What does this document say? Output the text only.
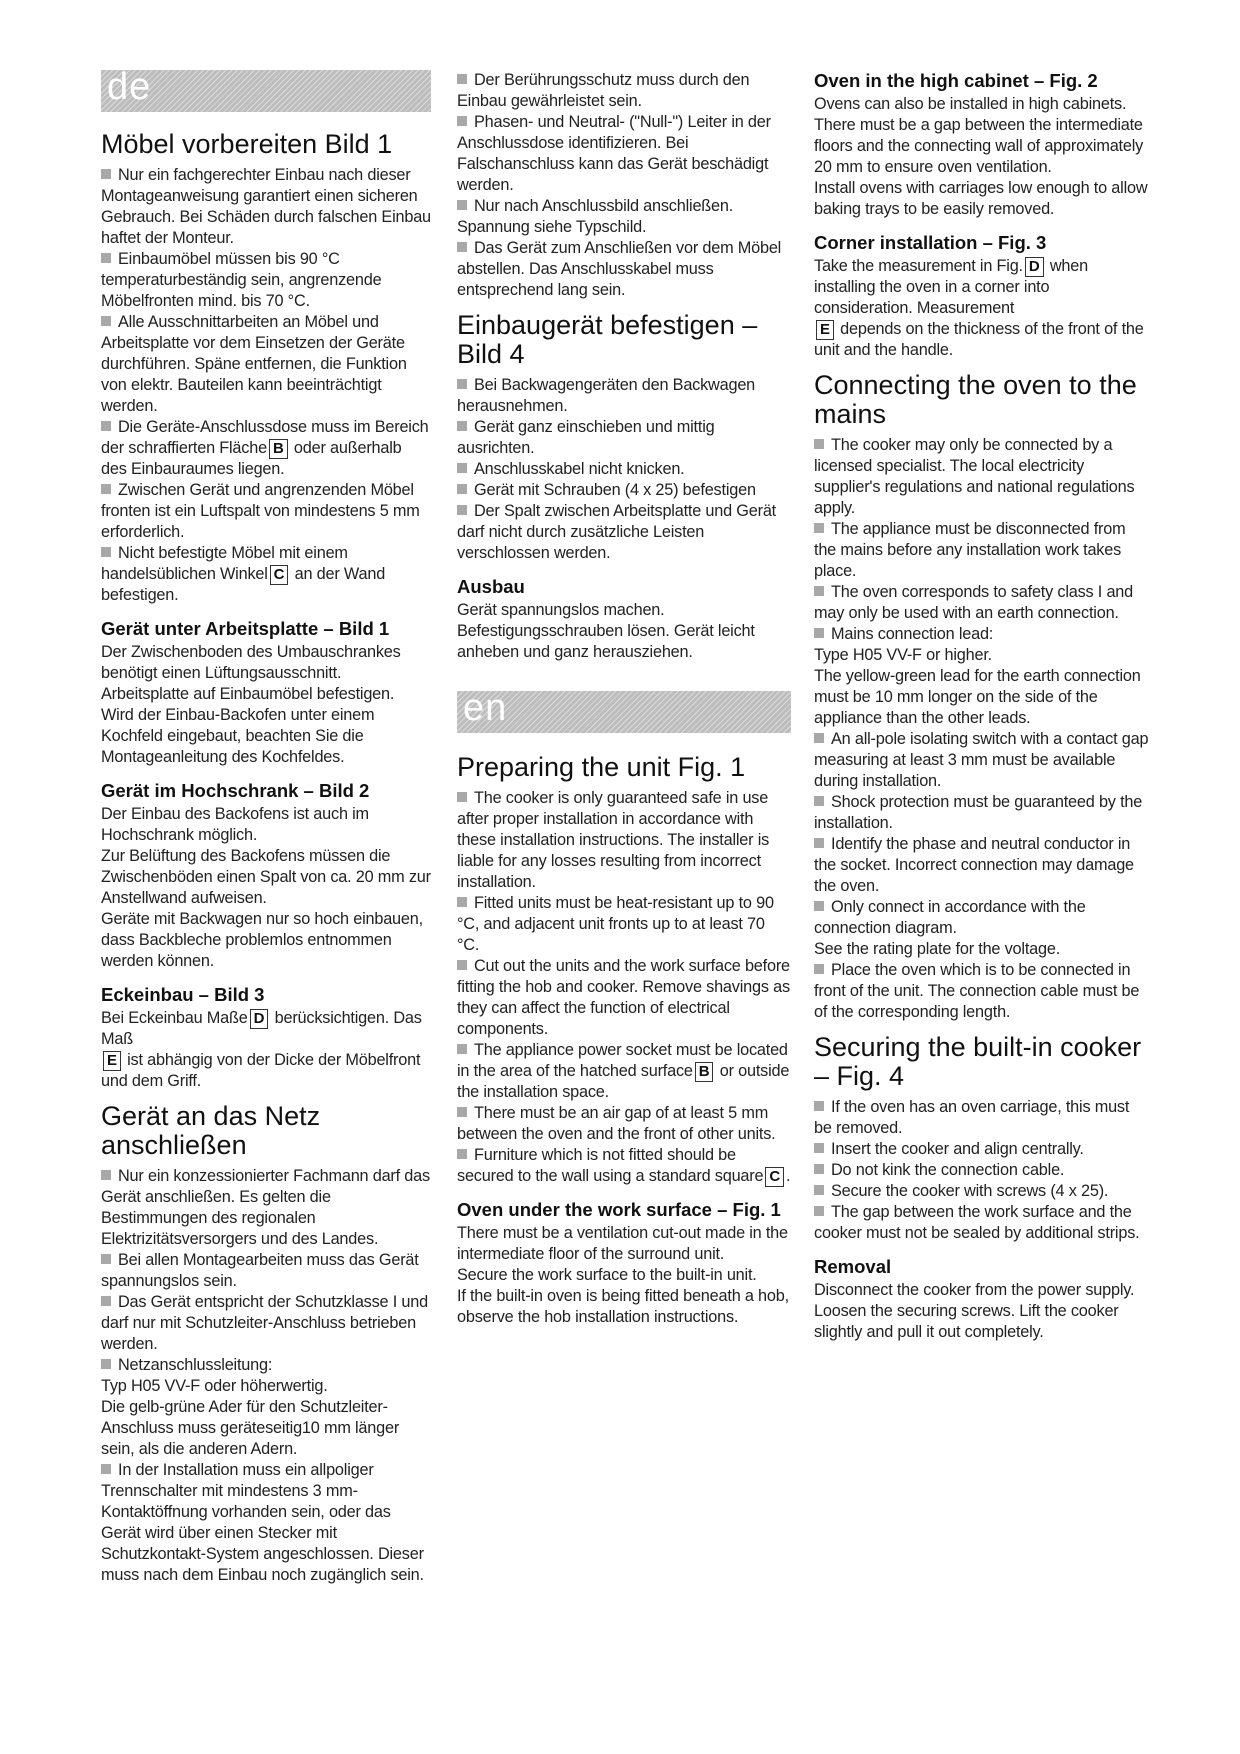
de
Möbel vorbereiten Bild 1

Nur ein fachgerechter Einbau nach dieser Montageanweisung garantiert einen sicheren Gebrauch. Bei Schäden durch falschen Einbau haftet der Monteur.

Einbaumöbel müssen bis 90 °C temperaturbeständig sein, angrenzende Möbelfronten mind. bis 70 °C.

Alle Ausschnittarbeiten an Möbel und Arbeitsplatte vor dem Einsetzen der Geräte durchführen. Späne entfernen, die Funktion von elektr. Bauteilen kann beeinträchtigt werden.

Die Geräte-Anschlussdose muss im Bereich der schraffierten Fläche B oder außerhalb des Einbauraumes liegen.

Zwischen Gerät und angrenzenden Möbel fronten ist ein Luftspalt von mindestens 5 mm erforderlich.

Nicht befestigte Möbel mit einem handelsüblichen Winkel C an der Wand befestigen.

Gerät unter Arbeitsplatte – Bild 1

Der Zwischenboden des Umbauschrankes benötigt einen Lüftungsausschnitt.

Arbeitsplatte auf Einbaumöbel befestigen.

Wird der Einbau-Backofen unter einem Kochfeld eingebaut, beachten Sie die Montageanleitung des Kochfeldes.

Gerät im Hochschrank – Bild 2

Der Einbau des Backofens ist auch im Hochschrank möglich.

Zur Belüftung des Backofens müssen die Zwischenböden einen Spalt von ca. 20 mm zur Anstellwand aufweisen.

Geräte mit Backwagen nur so hoch einbauen, dass Backbleche problemlos entnommen werden können.

Eckeinbau – Bild 3

Bei Eckeinbau Maße D berücksichtigen. Das Maß

E ist abhängig von der Dicke der Möbelfront und dem Griff.

Gerät an das Netz anschließen

Nur ein konzessionierter Fachmann darf das Gerät anschließen. Es gelten die Bestimmungen des regionalen Elektrizitätsversorgers und des Landes.

Bei allen Montagearbeiten muss das Gerät spannungslos sein.

Das Gerät entspricht der Schutzklasse I und darf nur mit Schutzleiter-Anschluss betrieben werden.

Netzanschlussleitung:

Typ H05 VV-F oder höherwertig.

Die gelb-grüne Ader für den Schutzleiter-Anschluss muss geräteseitig10 mm länger sein, als die anderen Adern.

In der Installation muss ein allpoliger Trennschalter mit mindestens 3 mm-Kontaktöffnung vorhanden sein, oder das Gerät wird über einen Stecker mit Schutzkontakt-System angeschlossen. Dieser muss nach dem Einbau noch zugänglich sein.

Der Berührungsschutz muss durch den Einbau gewährleistet sein.

Phasen- und Neutral- ("Null-") Leiter in der Anschlussdose identifizieren. Bei Falschanschluss kann das Gerät beschädigt werden.

Nur nach Anschlussbild anschließen.

Spannung siehe Typschild.

Das Gerät zum Anschließen vor dem Möbel abstellen. Das Anschlusskabel muss entsprechend lang sein.

Einbaugerät befestigen –Bild 4

Bei Backwagengeräten den Backwagen herausnehmen.

Gerät ganz einschieben und mittig ausrichten.

Anschlusskabel nicht knicken.

Gerät mit Schrauben (4 x 25) befestigen

Der Spalt zwischen Arbeitsplatte und Gerät darf nicht durch zusätzliche Leisten verschlossen werden.

Ausbau

Gerät spannungslos machen. Befestigungsschrauben lösen. Gerät leicht anheben und ganz herausziehen.

en
Preparing the unit Fig. 1

The cooker is only guaranteed safe in use after proper installation in accordance with these installation instructions. The installer is liable for any losses resulting from incorrect installation.

Fitted units must be heat-resistant up to 90 °C, and adjacent unit fronts up to at least 70 °C.

Cut out the units and the work surface before fitting the hob and cooker. Remove shavings as they can affect the function of electrical components.

The appliance power socket must be located in the area of the hatched surface B or outside the installation space.

There must be an air gap of at least 5 mm between the oven and the front of other units.

Furniture which is not fitted should be secured to the wall using a standard square C .

Oven under the work surface – Fig. 1

There must be a ventilation cut-out made in the intermediate floor of the surround unit.

Secure the work surface to the built-in unit.

If the built-in oven is being fitted beneath a hob, observe the hob installation instructions.

Oven in the high cabinet – Fig. 2

Ovens can also be installed in high cabinets.

There must be a gap between the intermediate floors and the connecting wall of approximately 20 mm to ensure oven ventilation.

Install ovens with carriages low enough to allow baking trays to be easily removed.

Corner installation – Fig. 3

Take the measurement in Fig. D when installing the oven in a corner into consideration. Measurement

E depends on the thickness of the front of the unit and the handle.

Connecting the oven to the mains

The cooker may only be connected by a licensed specialist. The local electricity supplier's regulations and national regulations apply.

The appliance must be disconnected from the mains before any installation work takes place.

The oven corresponds to safety class I and may only be used with an earth connection.

Mains connection lead:

Type H05 VV-F or higher.

The yellow-green lead for the earth connection must be 10 mm longer on the side of the appliance than the other leads.

An all-pole isolating switch with a contact gap measuring at least 3 mm must be available during installation.

Shock protection must be guaranteed by the installation.

Identify the phase and neutral conductor in the socket. Incorrect connection may damage the oven.

Only connect in accordance with the connection diagram.

See the rating plate for the voltage.

Place the oven which is to be connected in front of the unit. The connection cable must be of the corresponding length.

Securing the built-in cooker – Fig. 4

If the oven has an oven carriage, this must be removed.

Insert the cooker and align centrally.

Do not kink the connection cable.

Secure the cooker with screws (4 x 25).

The gap between the work surface and the cooker must not be sealed by additional strips.

Removal

Disconnect the cooker from the power supply. Loosen the securing screws. Lift the cooker slightly and pull it out completely.
